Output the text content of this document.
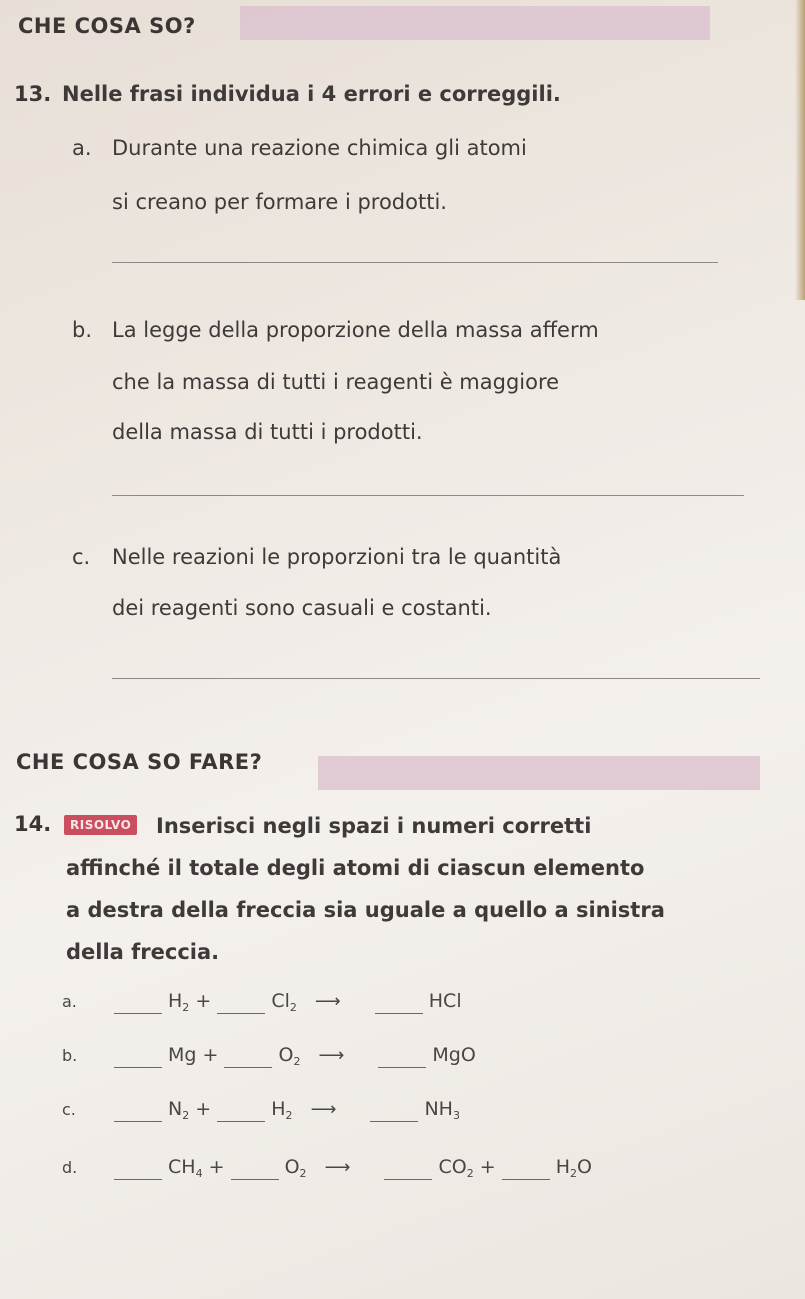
CHE COSA SO?
13. Nelle frasi individua i 4 errori e correggili.
a. Durante una reazione chimica gli atomi
si creano per formare i prodotti.
b. La legge della proporzione della massa afferm
che la massa di tutti i reagenti è maggiore
della massa di tutti i prodotti.
c. Nelle reazioni le proporzioni tra le quantità
dei reagenti sono casuali e costanti.
CHE COSA SO FARE?
14.	RISOLVO Inserisci negli spazi i numeri corretti
affinché il totale degli atomi di ciascun elemento
a destra della freccia sia uguale a quello a sinistra
della freccia.
a.	$H_2$ +	$Cl_2$ ⟶	HCl
b.	Mg +	$O_2$ ⟶	MgO
c.	$N_2$ +	$H_2$ ⟶	$NH_3$
d.	$CH_4$ +	$O_2$ ⟶	$CO_2$ +	$H_2O$
